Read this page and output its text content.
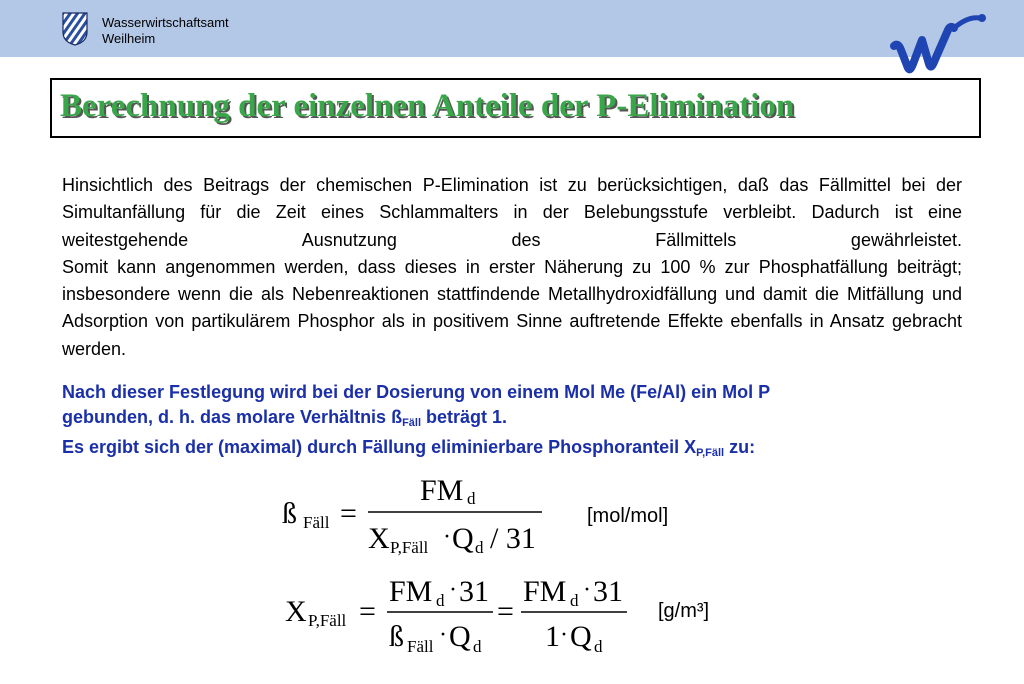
Wasserwirtschaftsamt
Weilheim
Berechnung der einzelnen Anteile der P-Elimination

Hinsichtlich des Beitrags der chemischen P-Elimination ist zu berücksichtigen, daß das Fällmittel bei der Simultanfällung für die Zeit eines Schlammalters in der Belebungsstufe verbleibt. Dadurch ist eine weitestgehende Ausnutzung des Fällmittels gewährleistet.

Somit kann angenommen werden, dass dieses in erster Näherung zu 100 % zur Phosphatfällung beiträgt; insbesondere wenn die als Nebenreaktionen stattfindende Metallhydroxidfällung und damit die Mitfällung und Adsorption von partikulärem Phosphor als in positivem Sinne auftretende Effekte ebenfalls in Ansatz gebracht werden.

Nach dieser Festlegung wird bei der Dosierung von einem Mol Me (Fe/Al) ein Mol P
gebunden, d. h. das molare Verhältnis $ß_{Fäll}$ beträgt 1.
Es ergibt sich der (maximal) durch Fällung eliminierbare Phosphoranteil $X_{P,Fäll}$ zu:
ß Fäll =
FM d
X P,Fäll · Q d / 31
[mol/mol]
X P,Fäll =
FM d · 31
ß Fäll · Q d
=
FM d · 31
1 · Q d
[g/m³]
